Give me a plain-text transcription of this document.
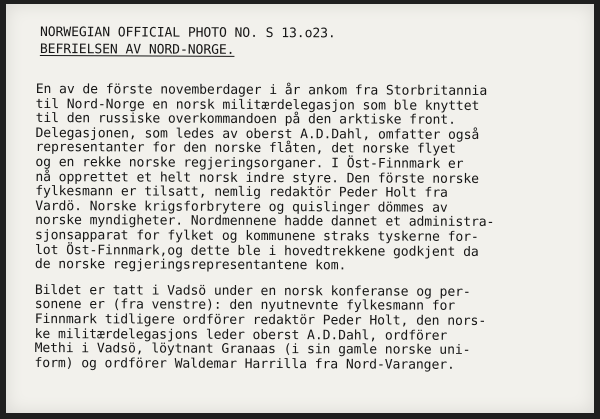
NORWEGIAN OFFICIAL PHOTO NO. S 13.o23.
BEFRIELSEN AV NORD-NORGE.
En av de förste novemberdager i år ankom fra Storbritannia
til Nord-Norge en norsk militærdelegasjon som ble knyttet
til den russiske overkommandoen på den arktiske front.
Delegasjonen, som ledes av oberst A.D.Dahl, omfatter også
representanter for den norske flåten, det norske flyet
og en rekke norske regjeringsorganer. I Öst-Finnmark er
nå opprettet et helt norsk indre styre. Den förste norske
fylkesmann er tilsatt, nemlig redaktör Peder Holt fra
Vardö. Norske krigsforbrytere og quislinger dömmes av
norske myndigheter. Nordmennene hadde dannet et administra-
sjonsapparat for fylket og kommunene straks tyskerne for-
lot Öst-Finnmark,og dette ble i hovedtrekkene godkjent da
de norske regjeringsrepresentantene kom.
Bildet er tatt i Vadsö under en norsk konferanse og per-
sonene er (fra venstre): den nyutnevnte fylkesmann for
Finnmark tidligere ordförer redaktör Peder Holt, den nors-
ke militærdelegasjons leder oberst A.D.Dahl, ordförer
Methi i Vadsö, löytnant Granaas (i sin gamle norske uni-
form) og ordförer Waldemar Harrilla fra Nord-Varanger.
